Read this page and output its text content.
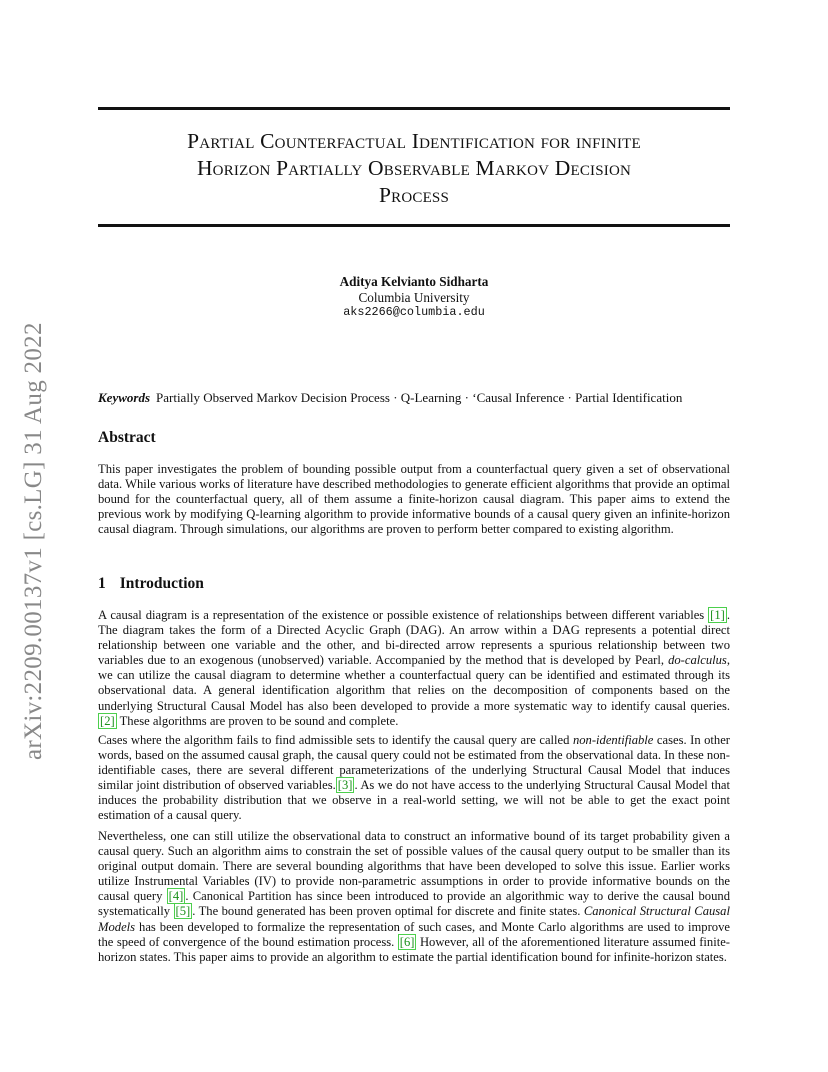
arXiv:2209.00137v1 [cs.LG] 31 Aug 2022
Partial Counterfactual Identification for infinite
Horizon Partially Observable Markov Decision
Process
Aditya Kelvianto Sidharta
Columbia University
aks2266@columbia.edu
Keywords Partially Observed Markov Decision Process · Q-Learning · ‘Causal Inference · Partial Identification
Abstract

This paper investigates the problem of bounding possible output from a counterfactual query given a set of observational data. While various works of literature have described methodologies to generate efficient algorithms that provide an optimal bound for the counterfactual query, all of them assume a finite-horizon causal diagram. This paper aims to extend the previous work by modifying Q-learning algorithm to provide informative bounds of a causal query given an infinite-horizon causal diagram. Through simulations, our algorithms are proven to perform better compared to existing algorithm.

1 Introduction

A causal diagram is a representation of the existence or possible existence of relationships between different variables [1] . The diagram takes the form of a Directed Acyclic Graph (DAG). An arrow within a DAG represents a potential direct relationship between one variable and the other, and bi-directed arrow represents a spurious relationship between two variables due to an exogenous (unobserved) variable. Accompanied by the method that is developed by Pearl, do-calculus, we can utilize the causal diagram to determine whether a counterfactual query can be identified and estimated through its observational data. A general identification algorithm that relies on the decomposition of components based on the underlying Structural Causal Model has also been developed to provide a more systematic way to identify causal queries. [2] These algorithms are proven to be sound and complete.

Cases where the algorithm fails to find admissible sets to identify the causal query are called non-identifiable cases. In other words, based on the assumed causal graph, the causal query could not be estimated from the observational data. In these non-identifiable cases, there are several different parameterizations of the underlying Structural Causal Model that induces similar joint distribution of observed variables. [3] . As we do not have access to the underlying Structural Causal Model that induces the probability distribution that we observe in a real-world setting, we will not be able to get the exact point estimation of a causal query.

Nevertheless, one can still utilize the observational data to construct an informative bound of its target probability given a causal query. Such an algorithm aims to constrain the set of possible values of the causal query output to be smaller than its original output domain. There are several bounding algorithms that have been developed to solve this issue. Earlier works utilize Instrumental Variables (IV) to provide non-parametric assumptions in order to provide informative bounds on the causal query [4] . Canonical Partition has since been introduced to provide an algorithmic way to derive the causal bound systematically [5] . The bound generated has been proven optimal for discrete and finite states. Canonical Structural Causal Models has been developed to formalize the representation of such cases, and Monte Carlo algorithms are used to improve the speed of convergence of the bound estimation process. [6] However, all of the aforementioned literature assumed finite-horizon states. This paper aims to provide an algorithm to estimate the partial identification bound for infinite-horizon states.
